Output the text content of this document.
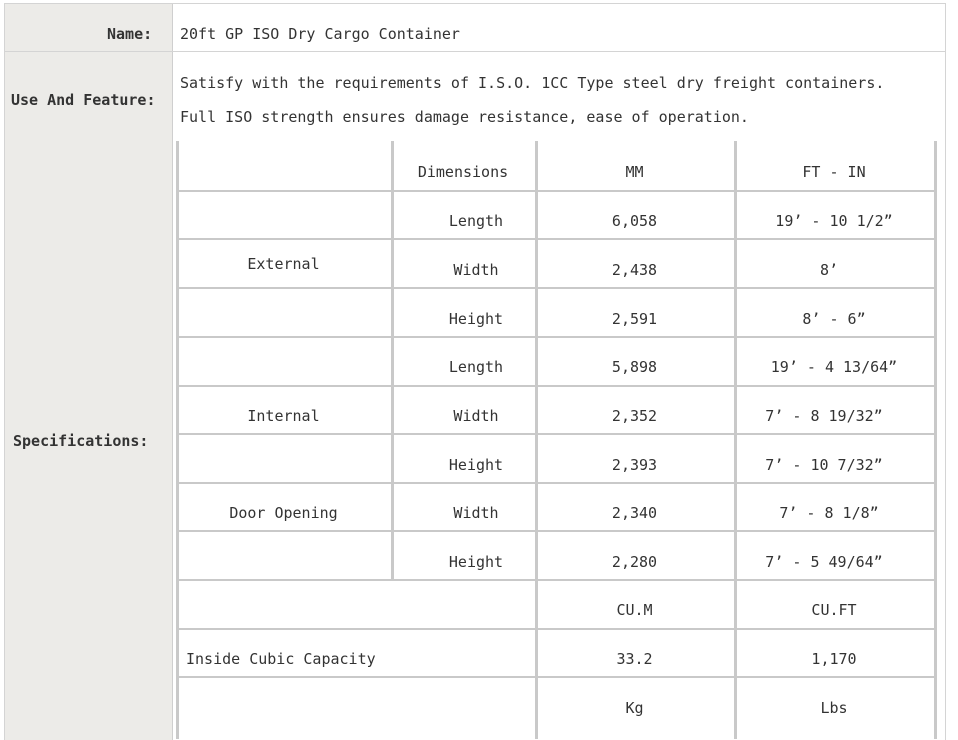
Name: 20ft GP ISO Dry Cargo Container
Use And Feature:
Satisfy with the requirements of I.S.O. 1CC Type steel dry freight containers.
Full ISO strength ensures damage resistance, ease of operation.
Specifications:
Dimensions	MM	FT - IN
External
Length	6,058	19’ - 10 1/2”
Width	2,438	8’
Height	2,591	8’ - 6”
Internal
Length	5,898	19’ - 4 13/64”
Width	2,352	7’ - 8 19/32”
Height	2,393	7’ - 10 7/32”
Door Opening	Width	2,340	7’ - 8 1/8”
Height	2,280	7’ - 5 49/64”
CU.M	CU.FT
Inside Cubic Capacity	33.2	1,170
Kg	Lbs
